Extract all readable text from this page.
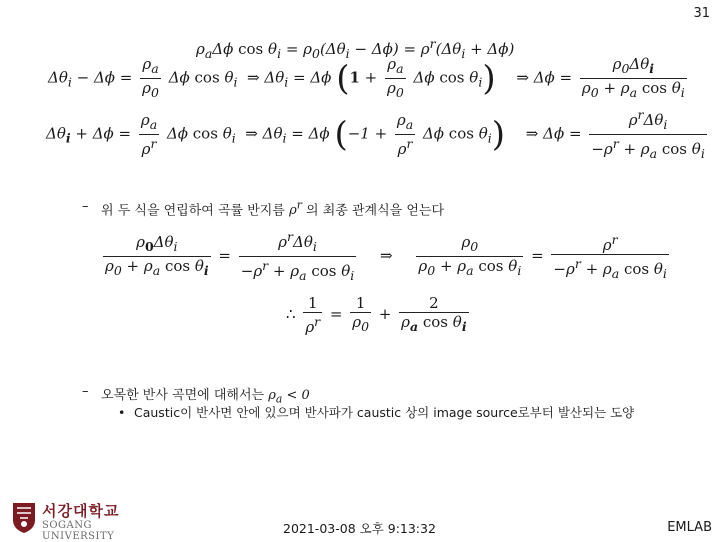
31
$\rho_a\Delta\phi$ $\cos \theta_i = \rho_0(\Delta\theta_i - \Delta\phi) = \rho^r(\Delta\theta_i + \Delta\phi)$
$\Delta\theta_i - \Delta\phi = \frac{\rho_a}{\rho_0}$ Δϕ $\cos \theta_i$  ⇒ $\Delta\theta_i = \Delta\phi$ ($1 + \frac{\rho_a}{\rho_0}$ Δϕ $\cos \theta_i$) ⇒ $\Delta\phi = \frac{\rho_0\Delta\theta_i}{\rho_0 + \rho_a \cos \theta_i}$
$\Delta\theta_i + \Delta\phi = \frac{\rho_a}{\rho^r}$ Δϕ $\cos \theta_i$  ⇒ $\Delta\theta_i = \Delta\phi$ ($-1 + \frac{\rho_a}{\rho^r}$ Δϕ $\cos \theta_i$) ⇒ $\Delta\phi = \frac{\rho^r\Delta\theta_i}{-\rho^r + \rho_a \cos \theta_i}$
– 위 두 식을 연립하여 곡률 반지름 $\rho^r$ 의 최종 관계식을 얻는다
$\frac{\rho_0\Delta\theta_i}{\rho_0 + \rho_a \cos \theta_i} = \frac{\rho^r\Delta\theta_i}{-\rho^r + \rho_a \cos \theta_i}$ ⇒ $\frac{\rho_0}{\rho_0 + \rho_a \cos \theta_i} = \frac{\rho^r}{-\rho^r + \rho_a \cos \theta_i}$
∴ $\frac{1}{\rho^r} = \frac{1}{\rho_0} + \frac{2}{\rho_a \cos \theta_i}$
– 오목한 반사 곡면에 대해서는 $\rho_a < 0$
• Caustic이 반사면 안에 있으며 반사파가 caustic 상의 image source로부터 발산되는 도양
서강대학교
SOGANG UNIVERSITY
2021-03-08 오후 9:13:32	EMLAB
